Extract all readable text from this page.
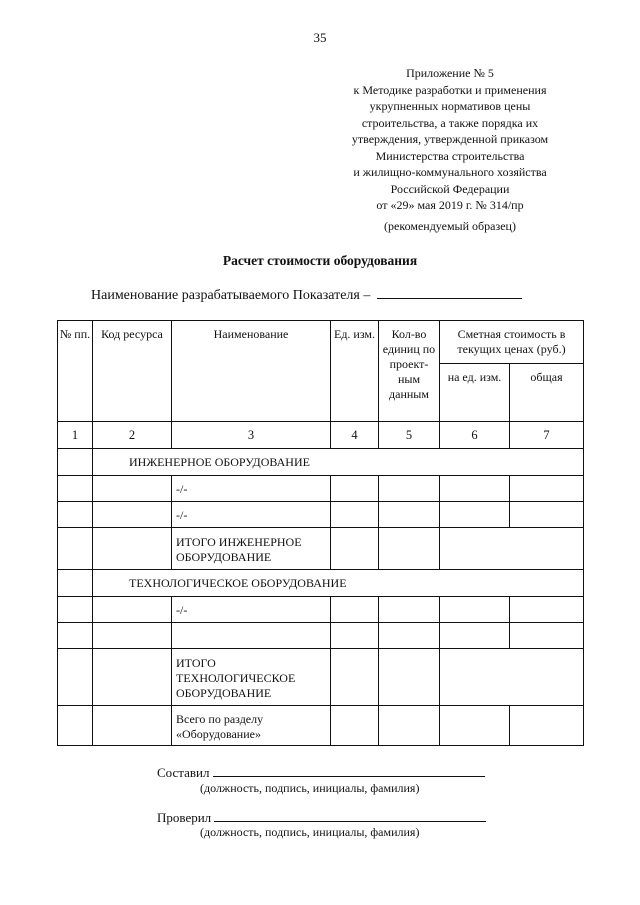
35
Приложение № 5
к Методике разработки и применения
укрупненных нормативов цены
строительства, а также порядка их
утверждения, утвержденной приказом
Министерства строительства
и жилищно-коммунального хозяйства
Российской Федерации
от «29» мая 2019 г. № 314/пр
(рекомендуемый образец)
Расчет стоимости оборудования
Наименование разрабатываемого Показателя –
№ пп.	Код ресурса	Наименование	Ед. изм.	Кол-во единиц по проект-ным данным	Сметная стоимость в текущих ценах (руб.)	
					на ед. изм.	общая
1	2	3	4	5	6	7
	ИНЖЕНЕРНОЕ ОБОРУДОВАНИЕ					
		-/-				
		-/-				
		ИТОГО ИНЖЕНЕРНОЕ ОБОРУДОВАНИЕ				
	ТЕХНОЛОГИЧЕСКОЕ ОБОРУДОВАНИЕ					
		-/-				

		ИТОГО ТЕХНОЛОГИЧЕСКОЕ ОБОРУДОВАНИЕ				
		Всего по разделу «Оборудование»				
Составил
(должность, подпись, инициалы, фамилия)
Проверил
(должность, подпись, инициалы, фамилия)
